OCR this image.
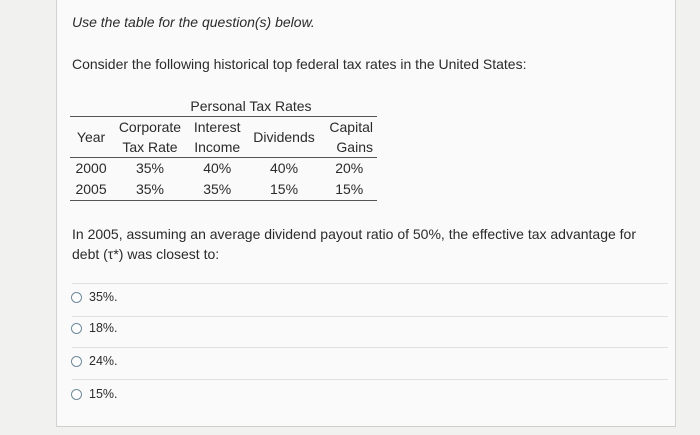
Use the table for the question(s) below.
Consider the following historical top federal tax rates in the United States:
Personal Tax Rates

Year	Corporate	Interest	Dividends	Capital
	Tax Rate	Income		Gains
2000	35%	40%	40%	20%
2005	35%	35%	15%	15%
In 2005, assuming an average dividend payout ratio of 50%, the effective tax advantage for debt (τ*) was closest to:
35%.
18%.
24%.
15%.
